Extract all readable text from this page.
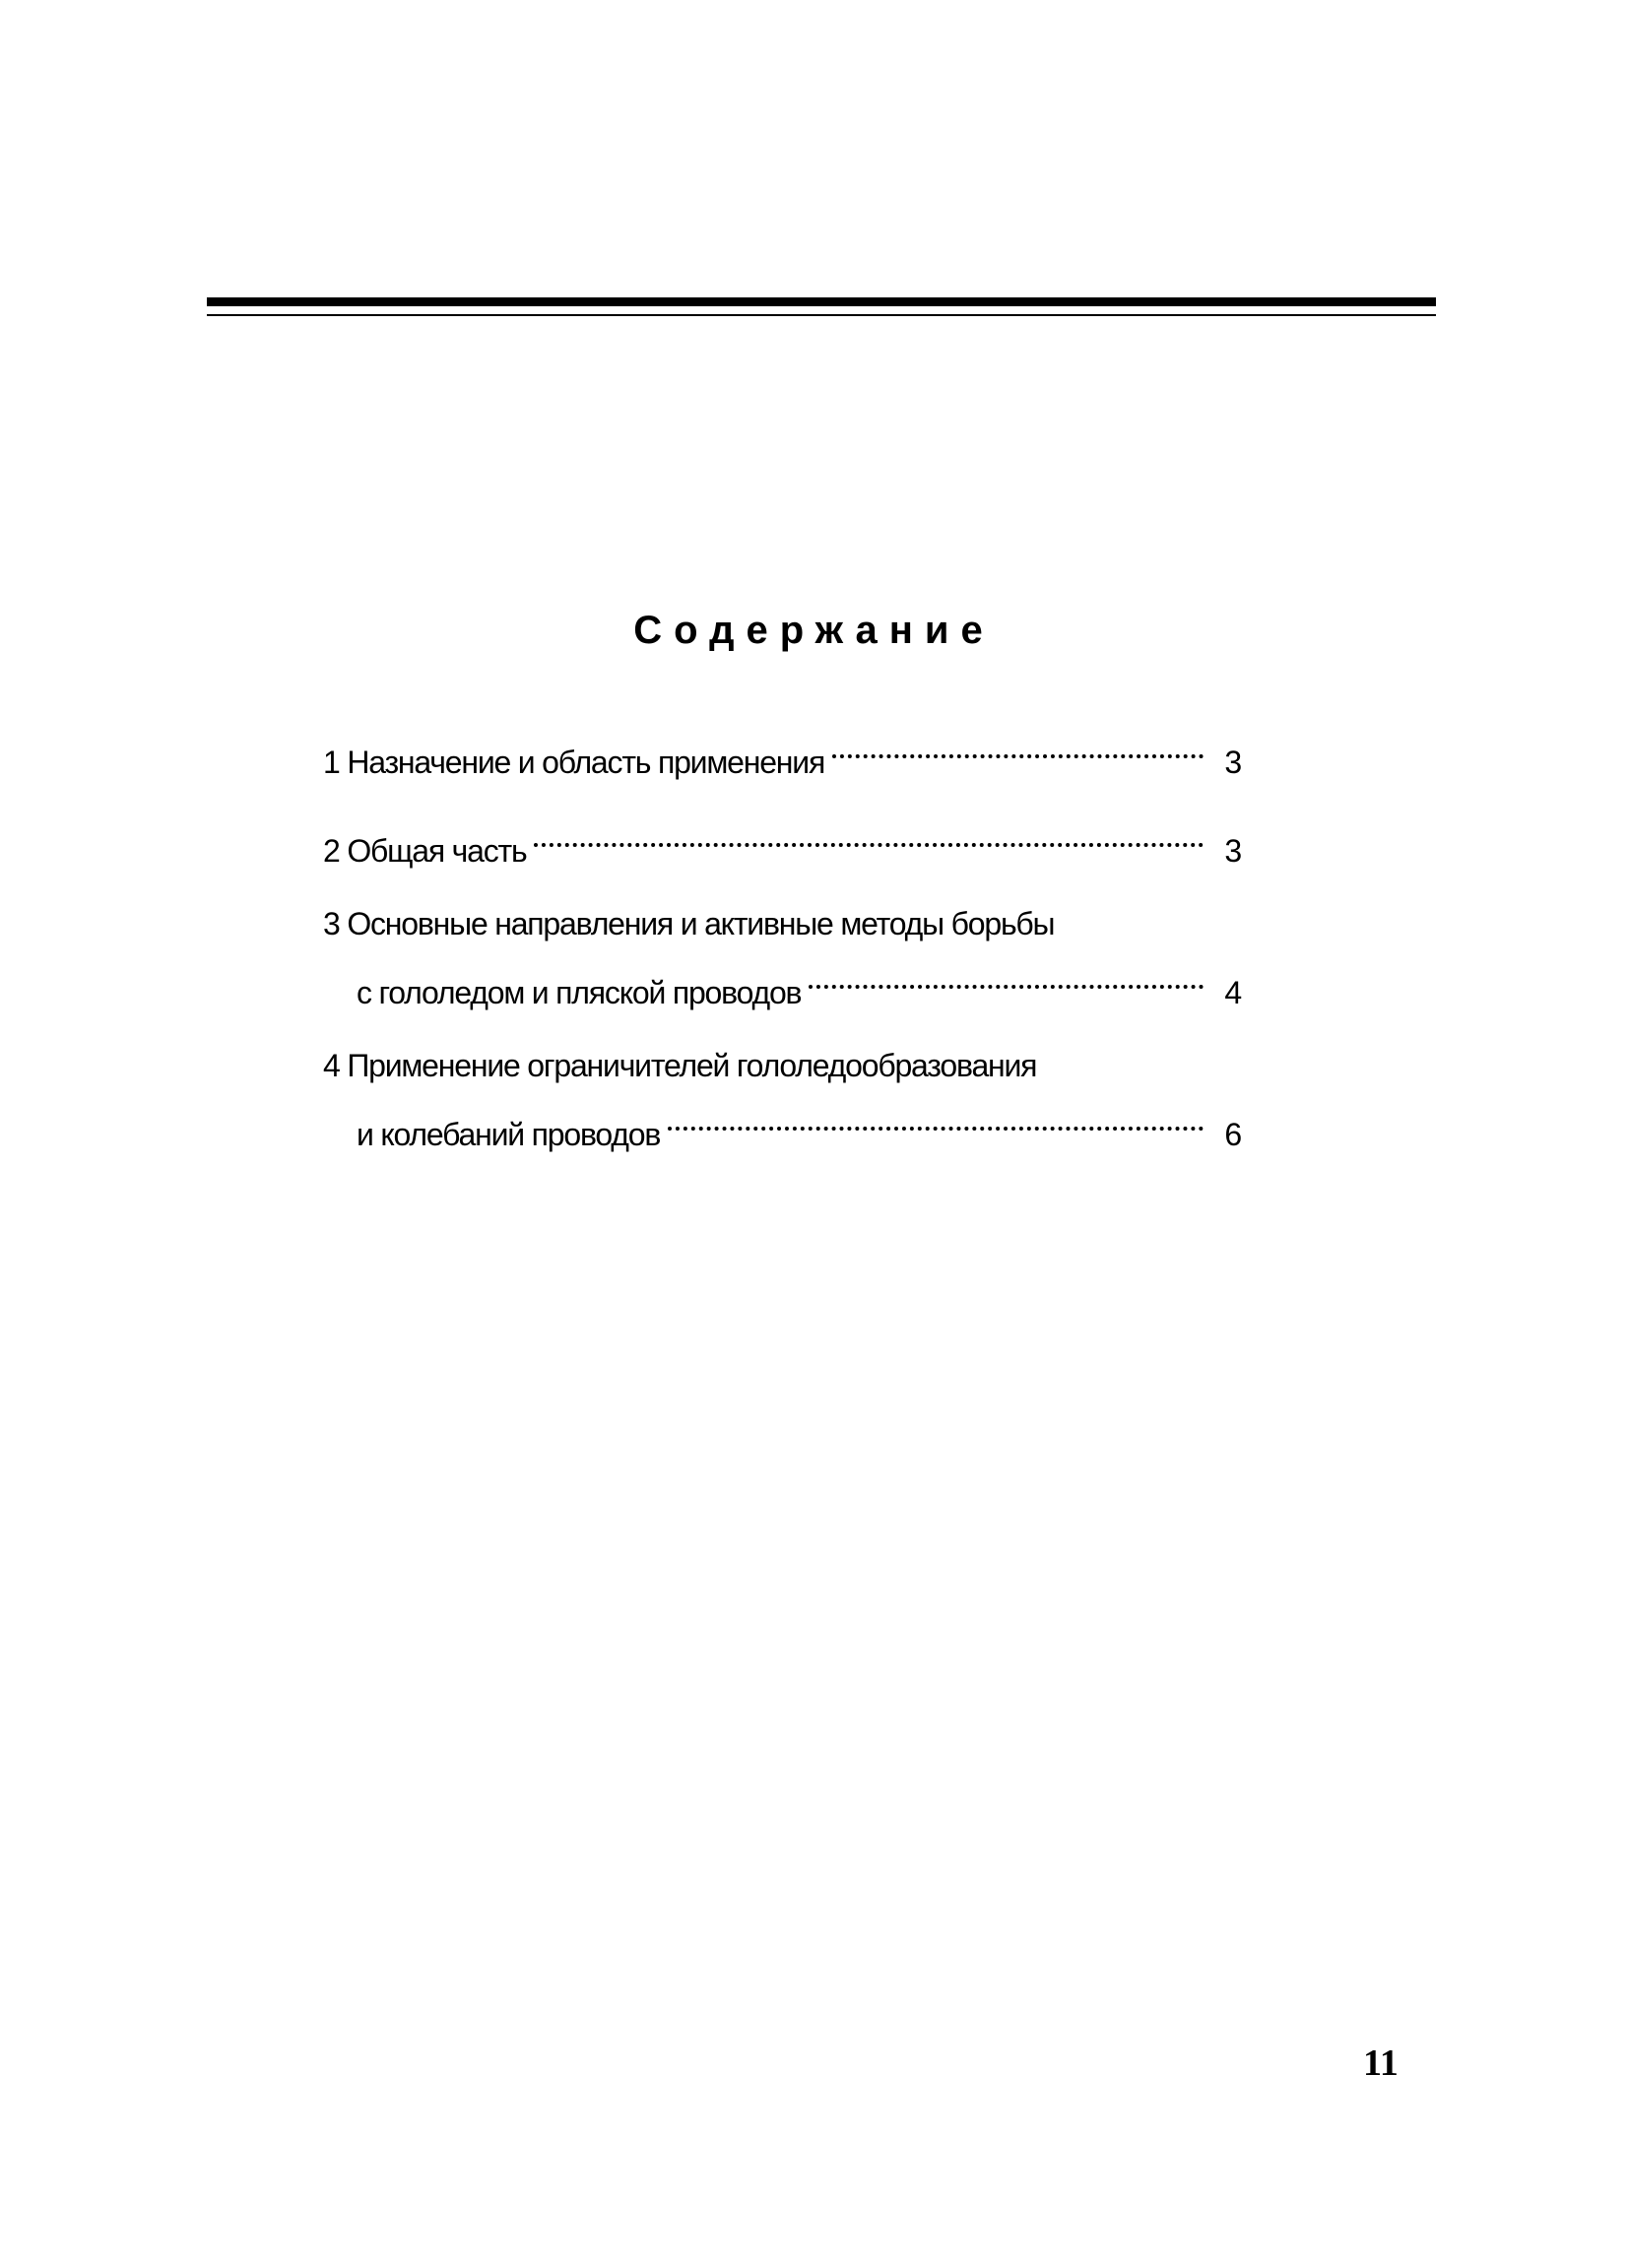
Содержание
1
Назначение и область применения	3
2
Общая часть	3
3
Основные направления и активные методы борьбы
с гололедом и пляской проводов	4
4
Применение ограничителей гололедообразования
и колебаний проводов	6
11
